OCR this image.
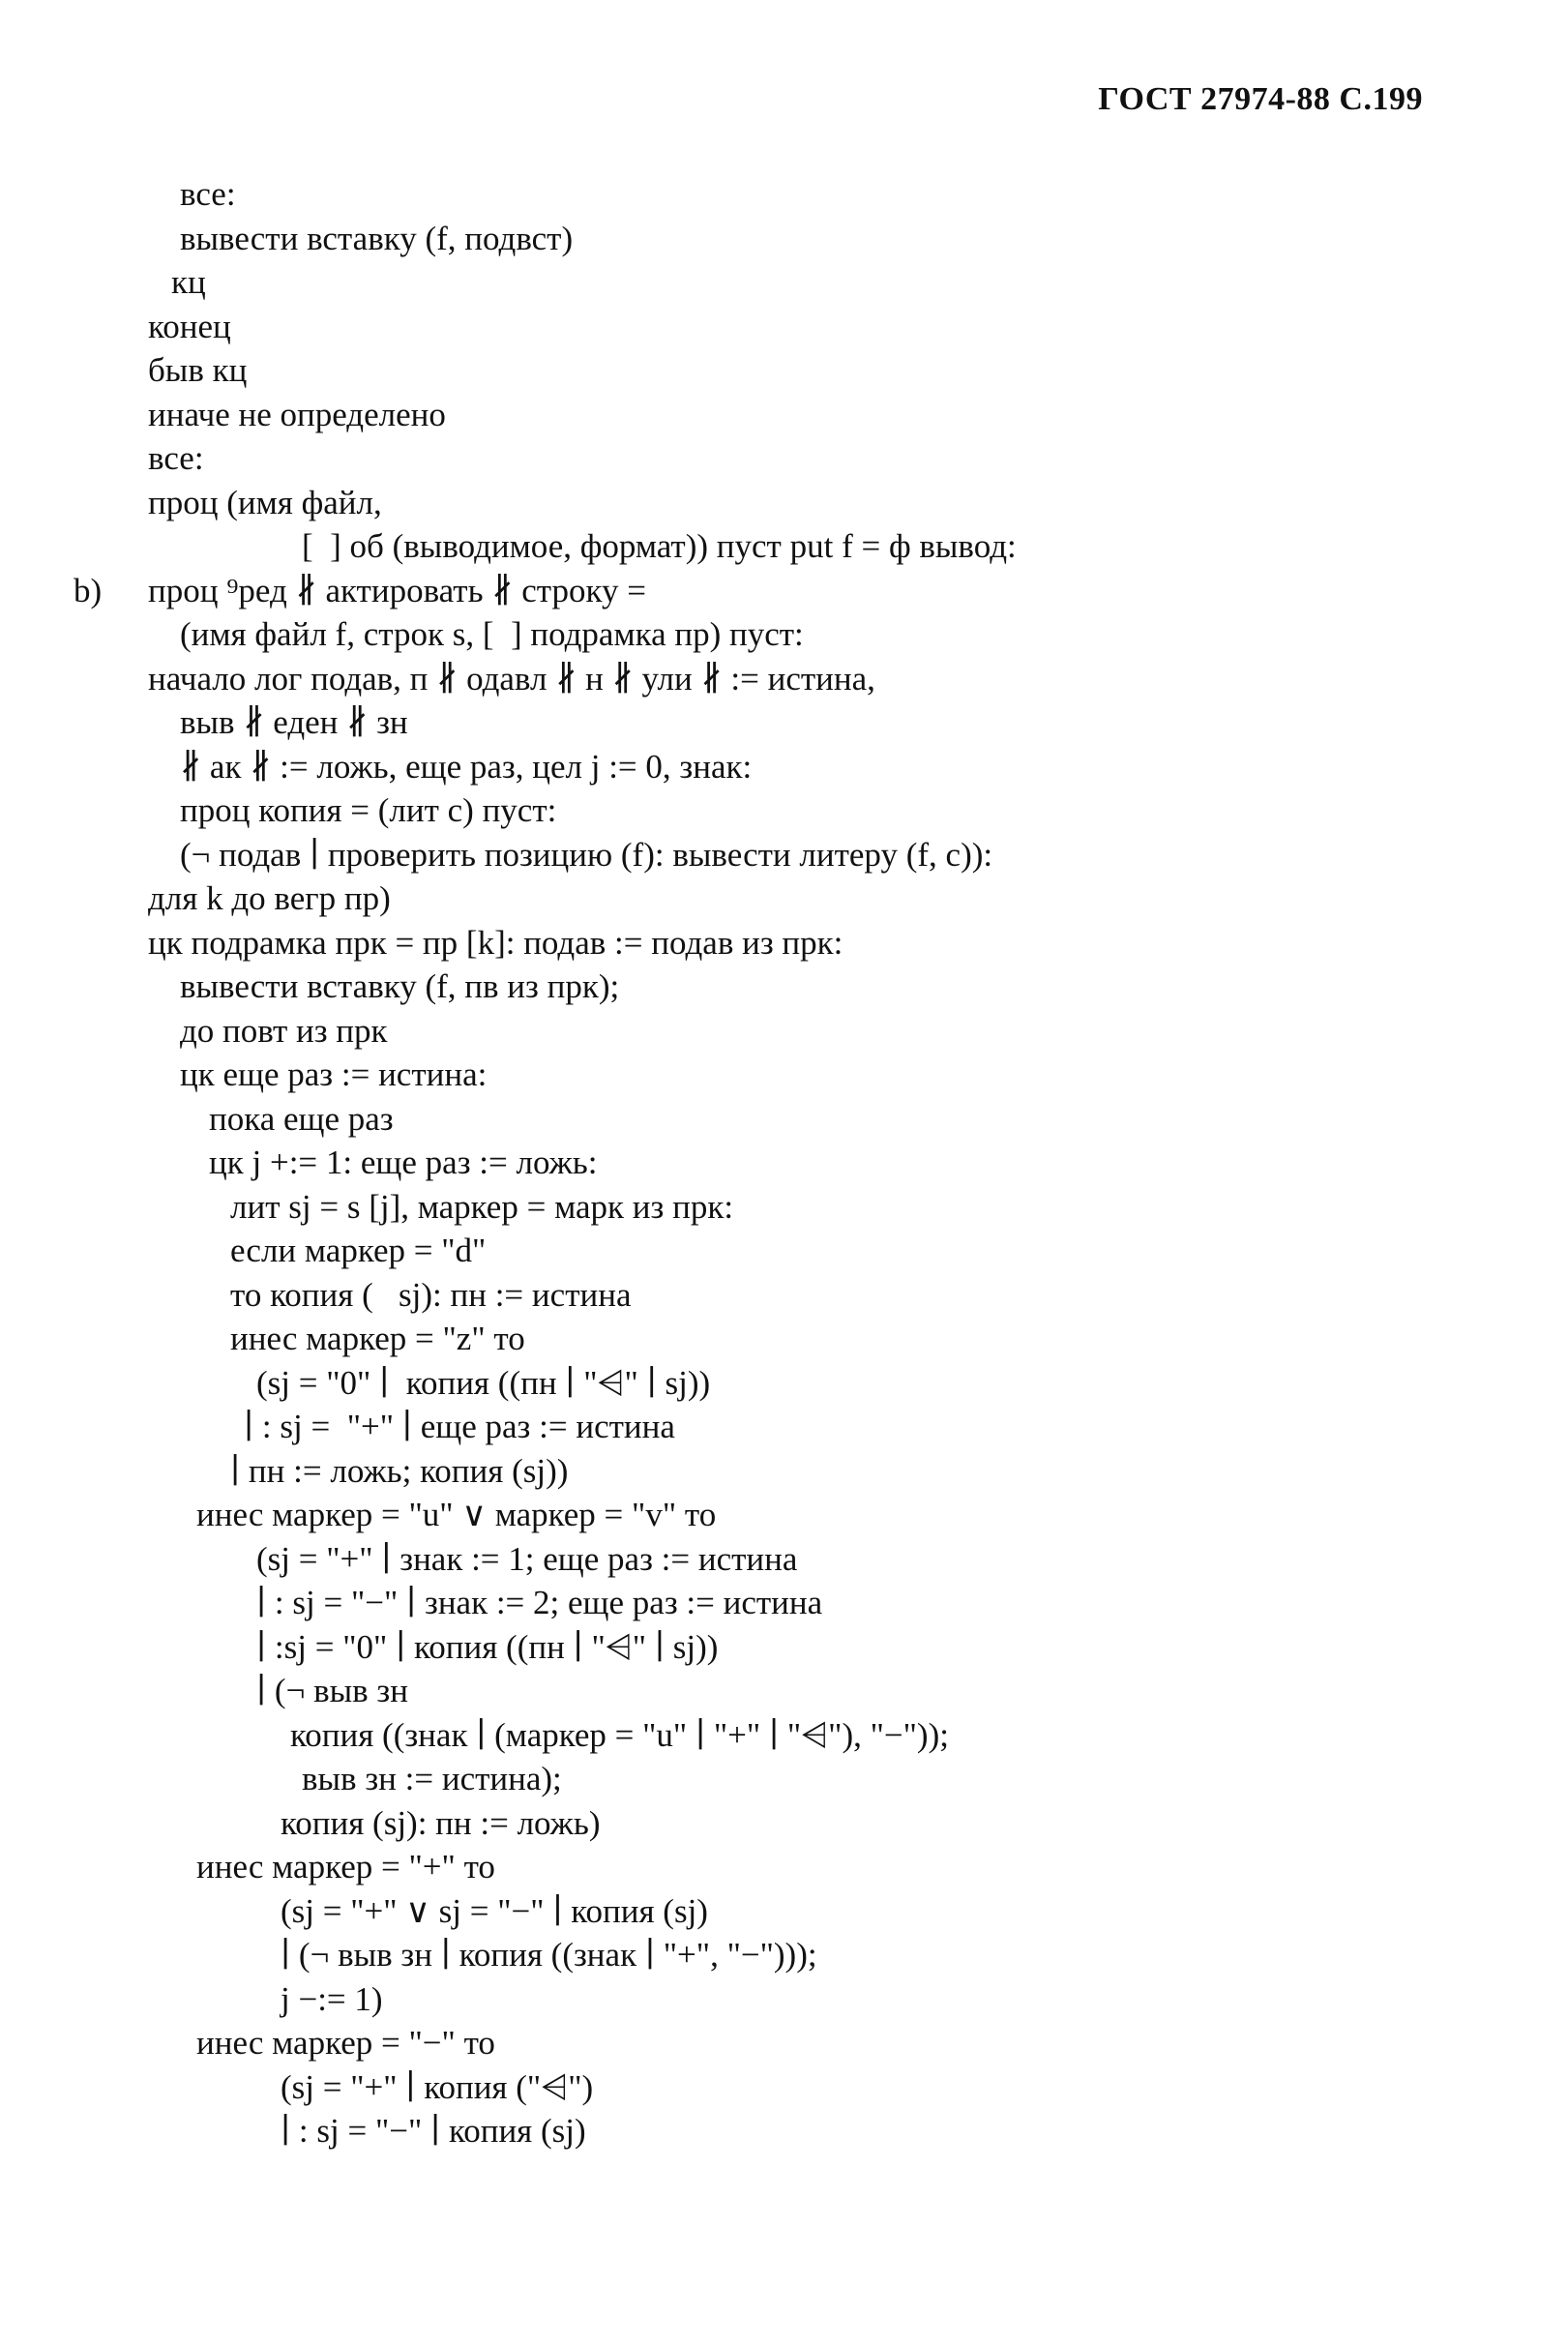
ГОСТ 27974-88 С.199
все:
вывести вставку (f, подвст)
кц
конец
быв кц
иначе не определено
все:
проц (имя файл,
[  ] об (выводимое, формат)) пуст put f = ф вывод:
b) проц ⁹ред ∦ актировать ∦ строку =
(имя файл f, строк s, [  ] подрамка пр) пуст:
начало лог подав, п ∦ одавл ∦ н ∦ ули ∦ := истина,
выв ∦ еден ∦ зн
∦ ак ∦ := ложь, еще раз, цел j := 0, знак:
проц копия = (лит с) пуст:
(¬ подав ∣ проверить позицию (f): вывести литеру (f, c)):
для k до вегр пр)
цк подрамка прк = пр [k]: подав := подав из прк:
вывести вставку (f, пв из прк);
до повт из прк
цк еще раз := истина:
пока еще раз
цк j +:= 1: еще раз := ложь:
лит sj = s [j], маркер = марк из прк:
если маркер = "d"
то копия (   sj): пн := истина
инес маркер = "z" то
(sj = "0" ∣  копия ((пн ∣ "⩤" ∣ sj))
∣ : sj =  "+" ∣ еще раз := истина
∣ пн := ложь; копия (sj))
инес маркер = "u" ∨ маркер = "v" то
(sj = "+" ∣ знак := 1; еще раз := истина
∣ : sj = "−" ∣ знак := 2; еще раз := истина
∣ :sj = "0" ∣ копия ((пн ∣ "⩤" ∣ sj))
∣ (¬ выв зн
копия ((знак ∣ (маркер = "u" ∣ "+" ∣ "⩤"), "−"));
выв зн := истина);
копия (sj): пн := ложь)
инес маркер = "+" то
(sj = "+" ∨ sj = "−" ∣ копия (sj)
∣ (¬ выв зн ∣ копия ((знак ∣ "+", "−")));
j −:= 1)
инес маркер = "−" то
(sj = "+" ∣ копия ("⩤")
∣ : sj = "−" ∣ копия (sj)
